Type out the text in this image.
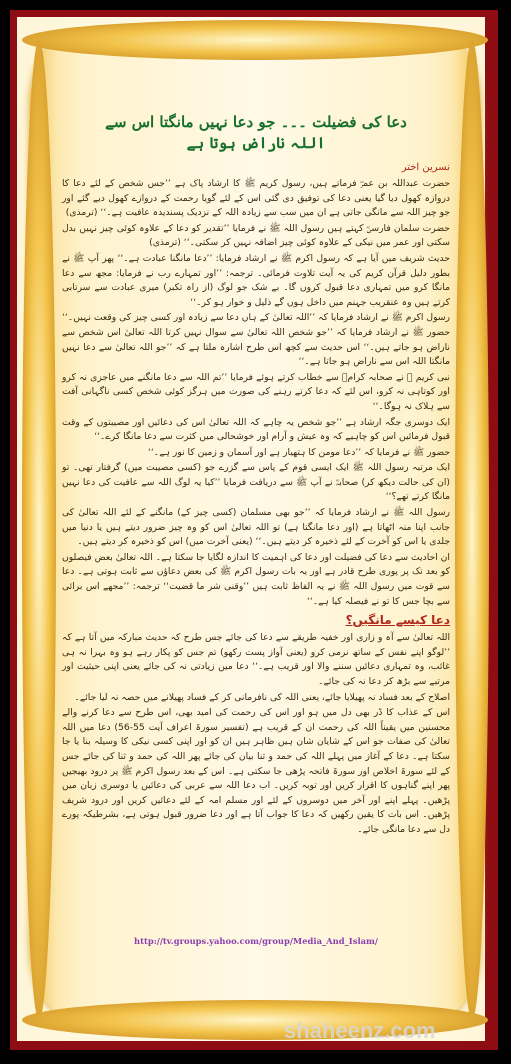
دعا کی فضیلت ۔۔۔ جو دعا نہیں مانگتا اس سے
اللہ ناراض ہوتا ہے
نسرین اختر

حضرت عبداللہ بن عمرؓ فرماتے ہیں، رسول کریم ﷺ کا ارشاد پاک ہے ’’جس شخص کے لئے دعا کا دروازہ کھول دیا گیا یعنی دعا کی توفیق دی گئی اس کے لئے گویا رحمت کے دروازے کھول دیے گئے اور جو چیز اللہ سے مانگی جاتی ہے ان میں سب سے زیادہ اللہ کے نزدیک پسندیدہ عافیت ہے۔‘‘ (ترمذی)

حضرت سلمان فارسیؓ کہتے ہیں رسول اللہ ﷺ نے فرمایا ’’تقدیر کو دعا کے علاوہ کوئی چیز نہیں بدل سکتی اور عمر میں نیکی کے علاوہ کوئی چیز اضافہ نہیں کر سکتی۔‘‘ (ترمذی)

حدیث شریف میں آیا ہے کہ رسول اکرم ﷺ نے ارشاد فرمایا: ’’دعا مانگنا عبادت ہے۔‘‘ پھر آپ ﷺ نے بطور دلیل قرآن کریم کی یہ آیت تلاوت فرمائی۔ ترجمہ: ’’اور تمہارے رب نے فرمایا: مجھ سے دعا مانگا کرو میں تمہاری دعا قبول کروں گا۔ بے شک جو لوگ (از راہ تکبر) میری عبادت سے سرتابی کرتے ہیں وہ عنقریب جہنم میں داخل ہوں گے ذلیل و خوار ہو کر۔‘‘

رسول اکرم ﷺ نے ارشاد فرمایا کہ ’’اللہ تعالیٰ کے ہاں دعا سے زیادہ اور کسی چیز کی وقعت نہیں۔‘‘ حضور ﷺ نے ارشاد فرمایا کہ ’’جو شخص اللہ تعالیٰ سے سوال نہیں کرتا اللہ تعالیٰ اس شخص سے ناراض ہو جاتے ہیں۔‘‘ اس حدیث سے کچھ اس طرح اشارہ ملتا ہے کہ ’’جو اللہ تعالیٰ سے دعا نہیں مانگتا اللہ اس سے ناراض ہو جاتا ہے۔‘‘

نبی کریم ﷺ نے صحابہ کرامؓ سے خطاب کرتے ہوئے فرمایا ’’تم اللہ سے دعا مانگنے میں عاجزی نہ کرو اور کوتاہی نہ کرو، اس لئے کہ دعا کرتے رہنے کی صورت میں ہرگز کوئی شخص کسی ناگہانی آفت سے ہلاک نہ ہوگا۔‘‘

ایک دوسری جگہ ارشاد ہے ’’جو شخص یہ چاہے کہ اللہ تعالیٰ اس کی دعائیں اور مصیبتوں کے وقت قبول فرمائیں اس کو چاہیے کہ وہ عیش و آرام اور خوشحالی میں کثرت سے دعا مانگا کرے۔‘‘

حضور ﷺ نے فرمایا کہ ’’دعا مومن کا ہتھیار ہے اور آسمان و زمین کا نور ہے۔‘‘

ایک مرتبہ رسول اللہ ﷺ ایک ایسی قوم کے پاس سے گزرے جو (کسی مصیبت میں) گرفتار تھی۔ تو (ان کی حالت دیکھ کر) صحابہؓ نے آپ ﷺ سے دریافت فرمایا ’’کیا یہ لوگ اللہ سے عافیت کی دعا نہیں مانگا کرتے تھے؟‘‘

رسول اللہ ﷺ نے ارشاد فرمایا کہ ’’جو بھی مسلمان (کسی چیز کے) مانگنے کے لئے اللہ تعالیٰ کی جانب اپنا منہ اٹھاتا ہے (اور دعا مانگتا ہے) تو اللہ تعالیٰ اس کو وہ چیز ضرور دیتے ہیں یا دنیا میں جلدی یا اس کو آخرت کے لئے ذخیرہ کر دیتے ہیں۔‘‘ (یعنی آخرت میں) اس کو ذخیرہ کر دیتے ہیں۔

ان احادیث سے دعا کی فضیلت اور دعا کی اہمیت کا اندازہ لگایا جا سکتا ہے۔ اللہ تعالیٰ بعض فیصلوں کو بعد تک پر پوری طرح قادر ہے اور یہ بات رسول اکرم ﷺ کی بعض دعاؤں سے ثابت ہوتی ہے۔ دعا سے قوت میں رسول اللہ ﷺ نے یہ الفاظ ثابت ہیں ’’وقنی شر ما قضیت‘‘ ترجمہ: ’’مجھے اس برائی سے بچا جس کا تو نے فیصلہ کیا ہے۔‘‘

دعا کیسے مانگیں؟

اللہ تعالیٰ سے آہ و زاری اور خفیہ طریقے سے دعا کی جائے جس طرح کہ حدیث مبارکہ میں آتا ہے کہ ’’لوگو اپنے نفس کے ساتھ نرمی کرو (یعنی آواز پست رکھو) تم جس کو پکار رہے ہو وہ بہرا نہ ہی غائب، وہ تمہاری دعائیں سننے والا اور قریب ہے۔‘‘ دعا میں زیادتی نہ کی جائے یعنی اپنی حیثیت اور مرتبے سے بڑھ کر دعا نہ کی جائے۔

اصلاح کے بعد فساد نہ پھیلایا جائے، یعنی اللہ کی نافرمانی کر کے فساد پھیلانے میں حصہ نہ لیا جائے۔

اس کے عذاب کا ڈر بھی دل میں ہو اور اس کی رحمت کی امید بھی، اس طرح سے دعا کرنے والے محسنین میں یقیناً اللہ کی رحمت ان کے قریب ہے (تفسیر سورۃ اعراف آیت 55-56) دعا میں اللہ تعالیٰ کی صفات جو اس کے شایان شان ہیں ظاہر ہیں ان کو اور اپنی کسی نیکی کا وسیلہ بنا یا جا سکتا ہے۔ دعا کے آغاز میں پہلے اللہ کی حمد و ثنا بیان کی جائے پھر اللہ کی حمد و ثنا کی جائے جس کے لئے سورۃ اخلاص اور سورۃ فاتحہ پڑھی جا سکتی ہے۔ اس کے بعد رسول اکرم ﷺ پر درود بھیجیں پھر اپنے گناہوں کا اقرار کریں اور توبہ کریں۔ اب دعا اللہ سے عربی کی دعائیں یا دوسری زبان میں پڑھیں۔ پہلے اپنے اور آخر میں دوسروں کے لئے اور مسلم امہ کے لئے دعائیں کریں اور درود شریف پڑھیں۔ اس بات کا یقین رکھیں کہ دعا کا جواب آتا ہے اور دعا ضرور قبول ہوتی ہے، بشرطیکہ پورے دل سے دعا مانگی جائے۔

http://tv.groups.yahoo.com/group/Media_And_Islam/
shaheenz.com
